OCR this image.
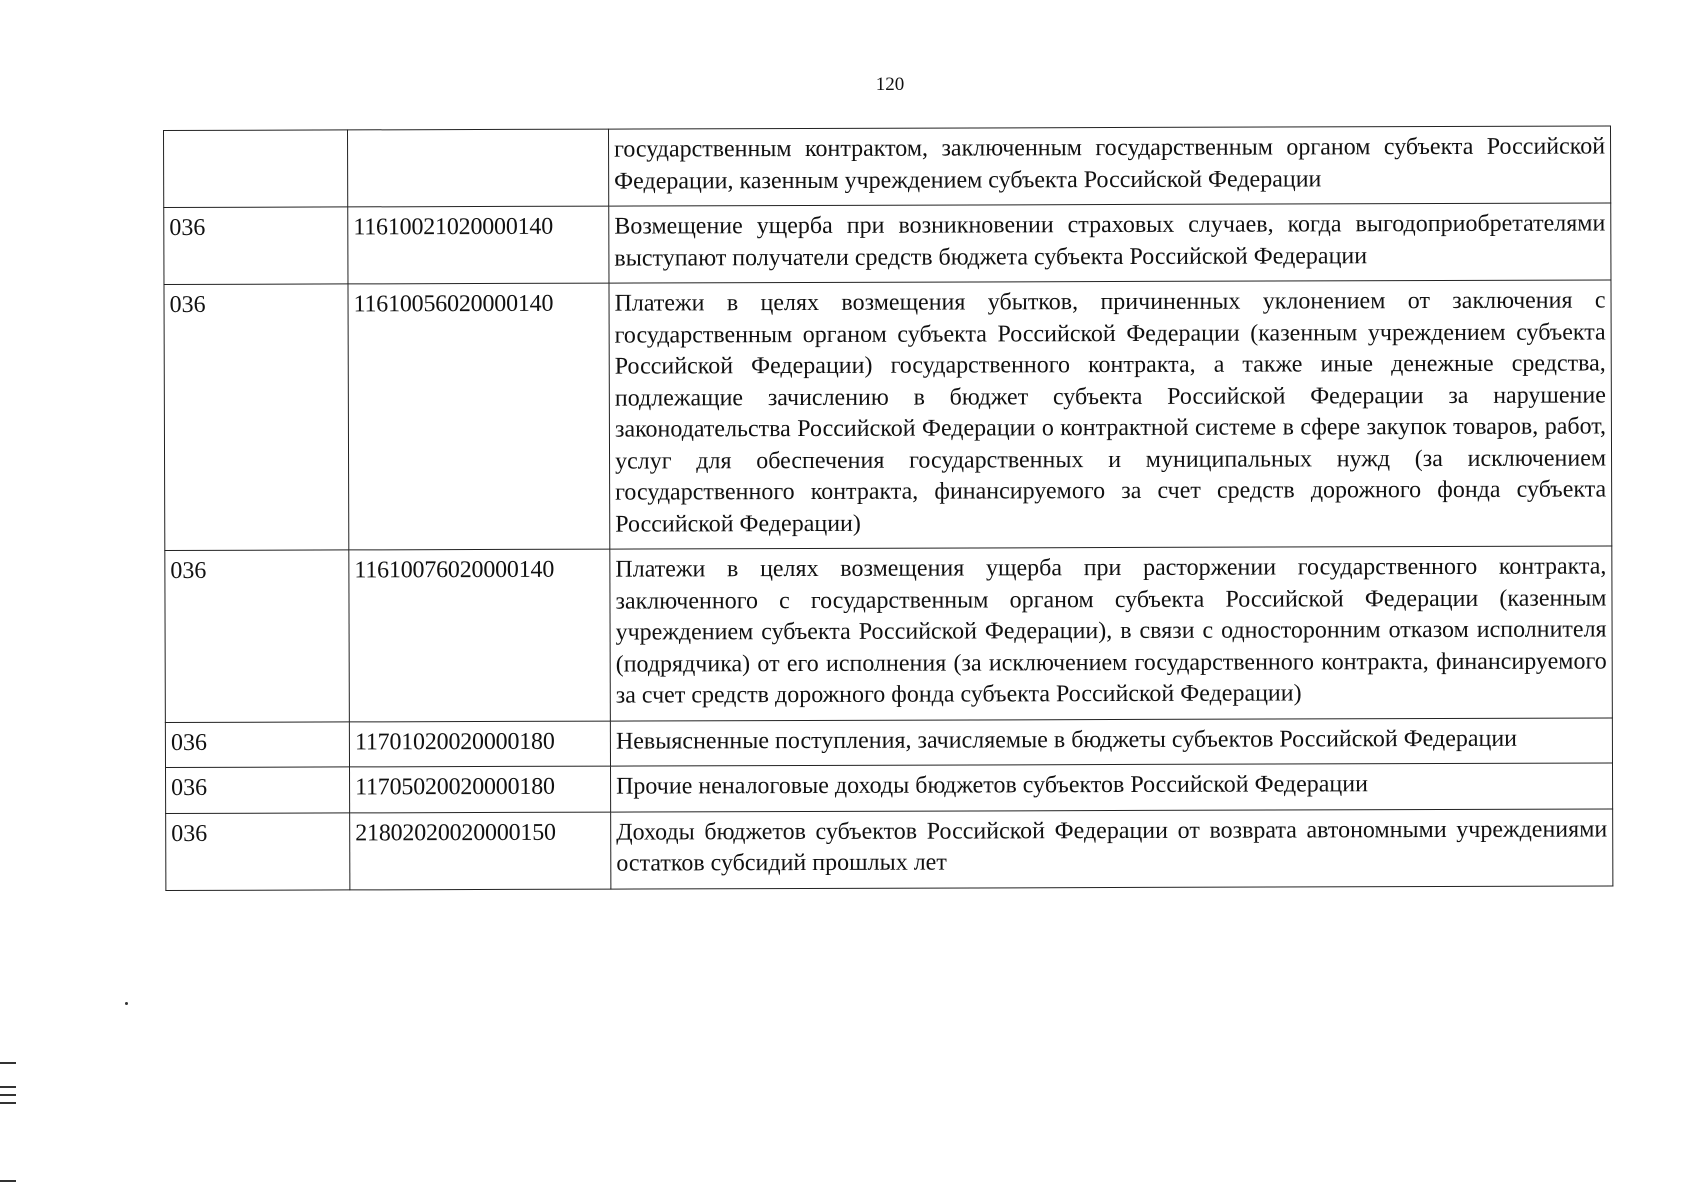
120
		государственным контрактом, заключенным государственным органом субъекта Российской Федерации, казенным учреждением субъекта Российской Федерации
036	11610021020000140	Возмещение ущерба при возникновении страховых случаев, когда выгодоприобретателями выступают получатели средств бюджета субъекта Российской Федерации
036	11610056020000140	Платежи в целях возмещения убытков, причиненных уклонением от заключения с государственным органом субъекта Российской Федерации (казенным учреждением субъекта Российской Федерации) государственного контракта, а также иные денежные средства, подлежащие зачислению в бюджет субъекта Российской Федерации за нарушение законодательства Российской Федерации о контрактной системе в сфере закупок товаров, работ, услуг для обеспечения государственных и муниципальных нужд (за исключением государственного контракта, финансируемого за счет средств дорожного фонда субъекта Российской Федерации)
036	11610076020000140	Платежи в целях возмещения ущерба при расторжении государственного контракта, заключенного с государственным органом субъекта Российской Федерации (казенным учреждением субъекта Российской Федерации), в связи с односторонним отказом исполнителя (подрядчика) от его исполнения (за исключением государственного контракта, финансируемого за счет средств дорожного фонда субъекта Российской Федерации)
036	11701020020000180	Невыясненные поступления, зачисляемые в бюджеты субъектов Российской Федерации
036	11705020020000180	Прочие неналоговые доходы бюджетов субъектов Российской Федерации
036	21802020020000150	Доходы бюджетов субъектов Российской Федерации от возврата автономными учреждениями остатков субсидий прошлых лет
